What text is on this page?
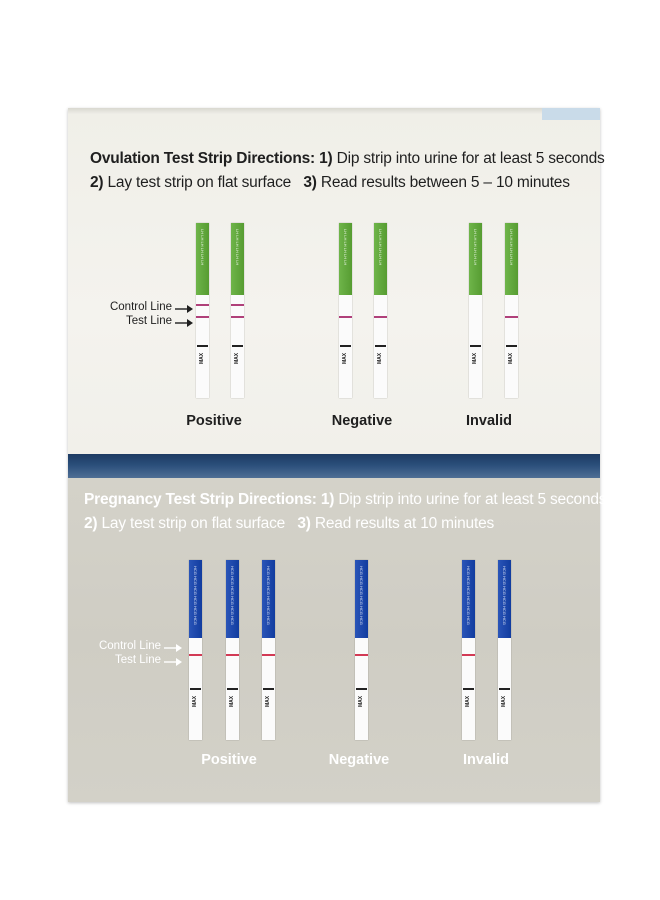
Ovulation Test Strip Directions: 1) Dip strip into urine for at least 5 seconds
2) Lay test strip on flat surface 3) Read results between 5 – 10 minutes
Control Line
Test Line
LH LH LH LH LH LH
MAX
LH LH LH LH LH LH
MAX
LH LH LH LH LH LH
MAX
LH LH LH LH LH LH
MAX
LH LH LH LH LH LH
MAX
LH LH LH LH LH LH
MAX
Positive	Negative	Invalid
Pregnancy Test Strip Directions: 1) Dip strip into urine for at least 5 seconds
2) Lay test strip on flat surface 3) Read results at 10 minutes
Control Line
Test Line
HCG HCG HCG HCG HCG HCG
MAX
HCG HCG HCG HCG HCG HCG
MAX
HCG HCG HCG HCG HCG HCG
MAX
HCG HCG HCG HCG HCG HCG
MAX
HCG HCG HCG HCG HCG HCG
MAX
HCG HCG HCG HCG HCG HCG
MAX
Positive	Negative	Invalid
